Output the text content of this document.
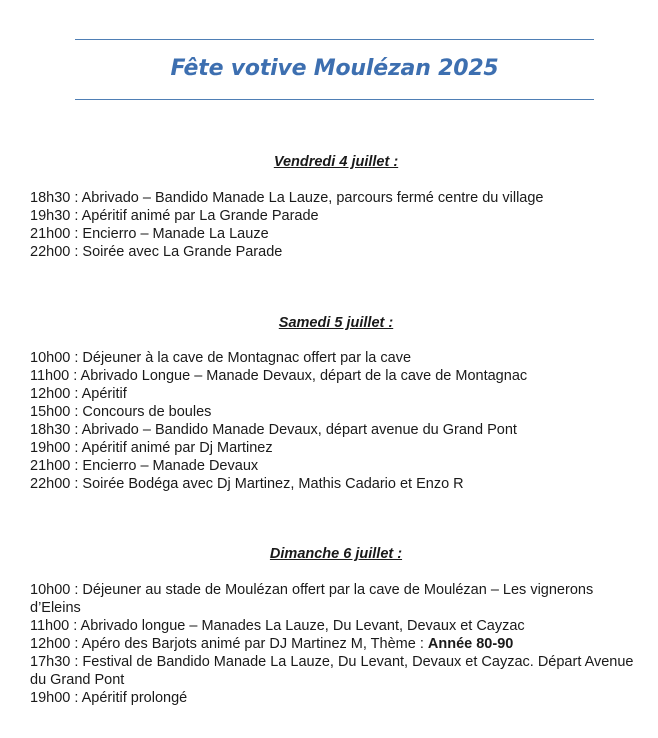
Fête votive Moulézan 2025
Vendredi 4 juillet :
18h30 : Abrivado – Bandido Manade La Lauze, parcours fermé centre du village
19h30 : Apéritif animé par La Grande Parade
21h00 : Encierro – Manade La Lauze
22h00 : Soirée avec La Grande Parade
Samedi 5 juillet :
10h00 : Déjeuner à la cave de Montagnac offert par la cave
11h00 : Abrivado Longue – Manade Devaux, départ de la cave de Montagnac
12h00 : Apéritif
15h00 : Concours de boules
18h30 : Abrivado – Bandido Manade Devaux, départ avenue du Grand Pont
19h00 : Apéritif animé par Dj Martinez
21h00 : Encierro – Manade Devaux
22h00 : Soirée Bodéga avec Dj Martinez, Mathis Cadario et Enzo R
Dimanche 6 juillet :
10h00 : Déjeuner au stade de Moulézan offert par la cave de Moulézan – Les vignerons d’Eleins
11h00 : Abrivado longue – Manades La Lauze, Du Levant, Devaux et Cayzac
12h00 : Apéro des Barjots animé par DJ Martinez M, Thème : Année 80-90
17h30 : Festival de Bandido Manade La Lauze, Du Levant, Devaux et Cayzac. Départ Avenue du Grand Pont
19h00 : Apéritif prolongé
